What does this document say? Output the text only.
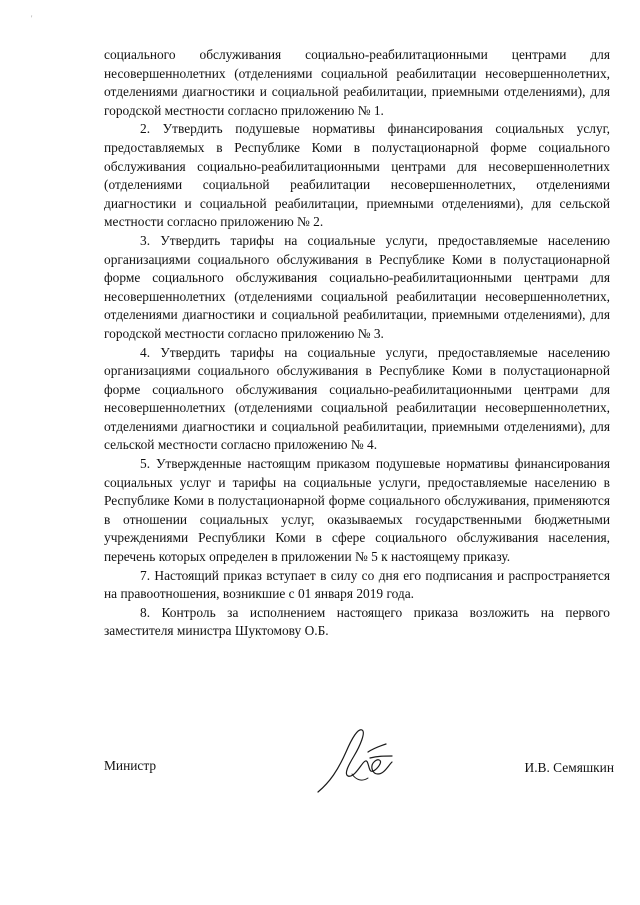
'

социального обслуживания социально-реабилитационными центрами для несовершеннолетних (отделениями социальной реабилитации несовершеннолетних, отделениями диагностики и социальной реабилитации, приемными отделениями), для городской местности согласно приложению № 1.

2. Утвердить подушевые нормативы финансирования социальных услуг, предоставляемых в Республике Коми в полустационарной форме социального обслуживания социально-реабилитационными центрами для несовершеннолетних (отделениями социальной реабилитации несовершеннолетних, отделениями диагностики и социальной реабилитации, приемными отделениями), для сельской местности согласно приложению № 2.

3. Утвердить тарифы на социальные услуги, предоставляемые населению организациями социального обслуживания в Республике Коми в полустационарной форме социального обслуживания социально-реабилитационными центрами для несовершеннолетних (отделениями социальной реабилитации несовершеннолетних, отделениями диагностики и социальной реабилитации, приемными отделениями), для городской местности согласно приложению № 3.

4. Утвердить тарифы на социальные услуги, предоставляемые населению организациями социального обслуживания в Республике Коми в полустационарной форме социального обслуживания социально-реабилитационными центрами для несовершеннолетних (отделениями социальной реабилитации несовершеннолетних, отделениями диагностики и социальной реабилитации, приемными отделениями), для сельской местности согласно приложению № 4.

5. Утвержденные настоящим приказом подушевые нормативы финансирования социальных услуг и тарифы на социальные услуги, предоставляемые населению в Республике Коми в полустационарной форме социального обслуживания, применяются в отношении социальных услуг, оказываемых государственными бюджетными учреждениями Республики Коми в сфере социального обслуживания населения, перечень которых определен в приложении № 5 к настоящему приказу.

7. Настоящий приказ вступает в силу со дня его подписания и распространяется на правоотношения, возникшие с 01 января 2019 года.

8. Контроль за исполнением настоящего приказа возложить на первого заместителя министра Шуктомову О.Б.

Министр	И.В. Семяшкин
